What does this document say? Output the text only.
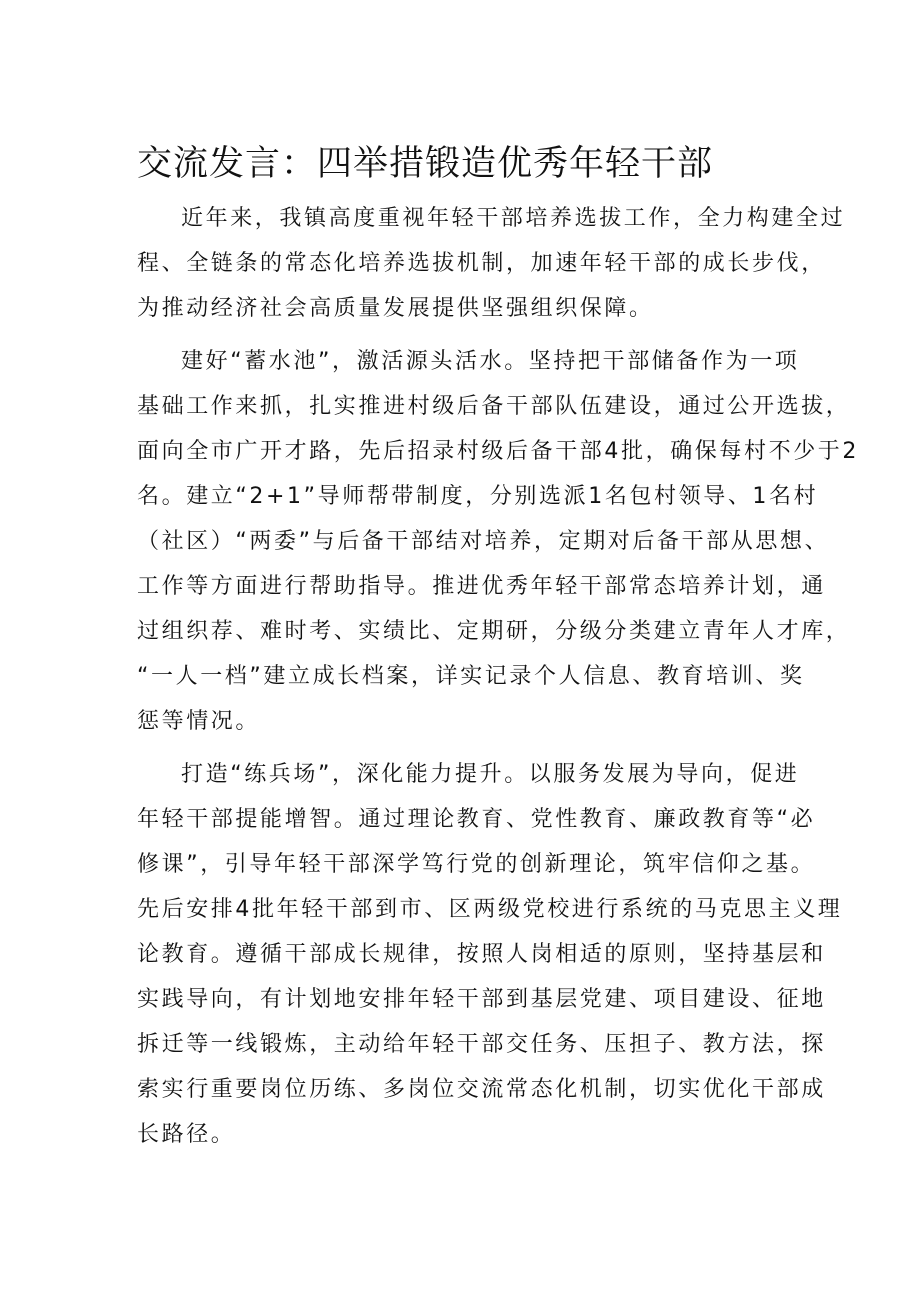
交流发言：四举措锻造优秀年轻干部
近年来，我镇高度重视年轻干部培养选拔工作，全力构建全过
程、全链条的常态化培养选拔机制，加速年轻干部的成长步伐，
为推动经济社会高质量发展提供坚强组织保障。
建好“蓄水池”，激活源头活水。坚持把干部储备作为一项
基础工作来抓，扎实推进村级后备干部队伍建设，通过公开选拔，
面向全市广开才路，先后招录村级后备干部4批，确保每村不少于2
名。建立“2+1”导师帮带制度，分别选派1名包村领导、1名村
（社区）“两委”与后备干部结对培养，定期对后备干部从思想、
工作等方面进行帮助指导。推进优秀年轻干部常态培养计划，通
过组织荐、难时考、实绩比、定期研，分级分类建立青年人才库，
“一人一档”建立成长档案，详实记录个人信息、教育培训、奖
惩等情况。
打造“练兵场”，深化能力提升。以服务发展为导向，促进
年轻干部提能增智。通过理论教育、党性教育、廉政教育等“必
修课”，引导年轻干部深学笃行党的创新理论，筑牢信仰之基。
先后安排4批年轻干部到市、区两级党校进行系统的马克思主义理
论教育。遵循干部成长规律，按照人岗相适的原则，坚持基层和
实践导向，有计划地安排年轻干部到基层党建、项目建设、征地
拆迁等一线锻炼，主动给年轻干部交任务、压担子、教方法，探
索实行重要岗位历练、多岗位交流常态化机制，切实优化干部成
长路径。
